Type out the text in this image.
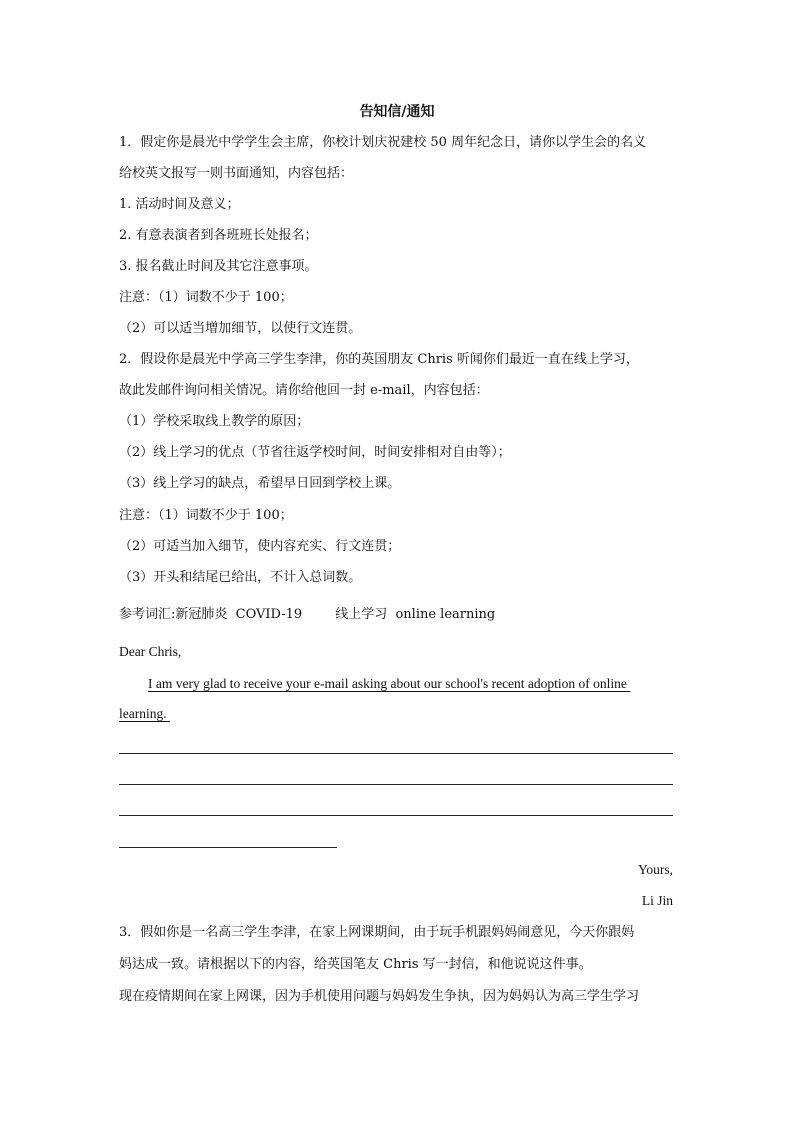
告知信/通知
1．假定你是晨光中学学生会主席，你校计划庆祝建校 50 周年纪念日，请你以学生会的名义
给校英文报写一则书面通知，内容包括：
1. 活动时间及意义；
2. 有意表演者到各班班长处报名；
3. 报名截止时间及其它注意事项。
注意：（1）词数不少于 100；
（2）可以适当增加细节，以使行文连贯。
2．假设你是晨光中学高三学生李津，你的英国朋友 Chris 听闻你们最近一直在线上学习，
故此发邮件询问相关情况。请你给他回一封 e-mail，内容包括：
（1）学校采取线上教学的原因；
（2）线上学习的优点（节省往返学校时间，时间安排相对自由等）；
（3）线上学习的缺点，希望早日回到学校上课。
注意：（1）词数不少于 100；
（2）可适当加入细节，使内容充实、行文连贯；
（3）开头和结尾已给出，不计入总词数。
参考词汇:新冠肺炎  COVID-19        线上学习  online learning
Dear Chris,
I am very glad to receive your e-mail asking about our school's recent adoption of online
learning.
Yours,
Li Jin
3．假如你是一名高三学生李津，在家上网课期间，由于玩手机跟妈妈闹意见，今天你跟妈
妈达成一致。请根据以下的内容，给英国笔友 Chris 写一封信，和他说说这件事。
现在疫情期间在家上网课，因为手机使用问题与妈妈发生争执，因为妈妈认为高三学生学习
